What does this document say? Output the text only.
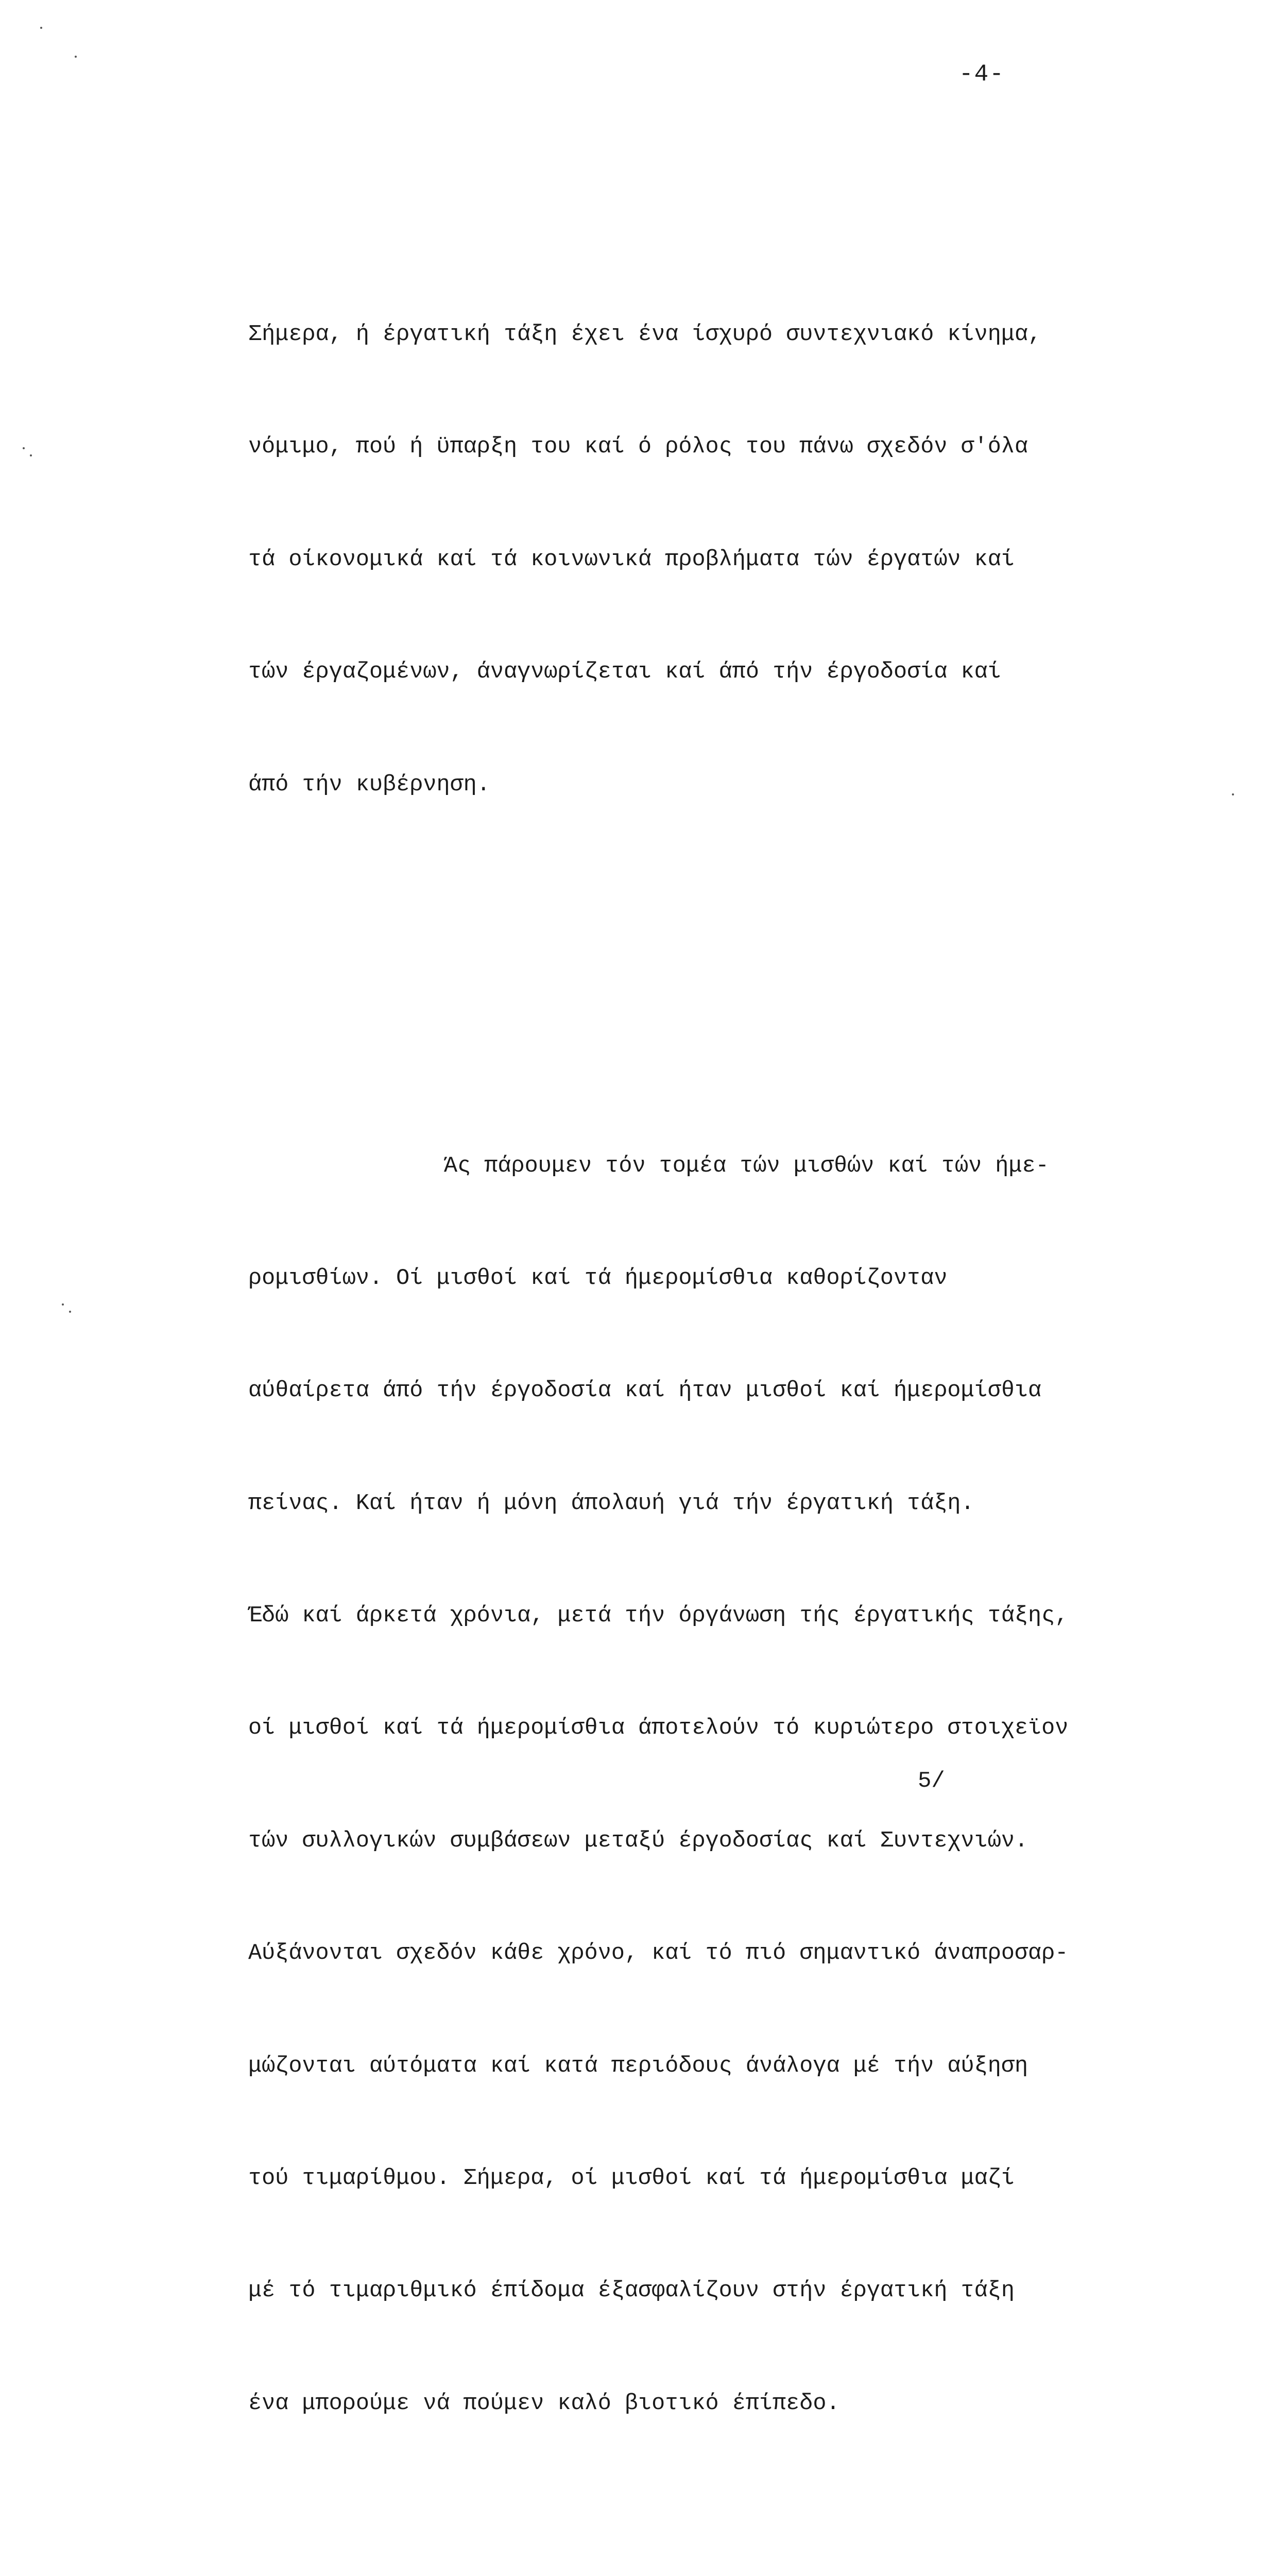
-4-

Σήμερα, ή έργατική τάξη έχει ένα ίσχυρό συντεχνιακό κίνημα,

νόμιμο, πού ή ϋπαρξη του καί ό ρόλος του πάνω σχεδόν σ'όλα

τά οίκονομικά καί τά κοινωνικά προβλήματα τών έργατών καί

τών έργαζομένων, άναγνωρίζεται καί άπό τήν έργοδοσία καί

άπό τήν κυβέρνηση.

Άς πάρουμεν τόν τομέα τών μισθών καί τών ήμε-

ρομισθίων. Οί μισθοί καί τά ήμερομίσθια καθορίζονταν

αύθαίρετα άπό τήν έργοδοσία καί ήταν μισθοί καί ήμερομίσθια

πείνας. Καί ήταν ή μόνη άπολαυή γιά τήν έργατική τάξη.

Έδώ καί άρκετά χρόνια, μετά τήν όργάνωση τής έργατικής τάξης,

οί μισθοί καί τά ήμερομίσθια άποτελούν τό κυριώτερο στοιχεϊον

τών συλλογικών συμβάσεων μεταξύ έργοδοσίας καί Συντεχνιών.

Αύξάνονται σχεδόν κάθε χρόνο, καί τό πιό σημαντικό άναπροσαρ-

μώζονται αύτόματα καί κατά περιόδους άνάλογα μέ τήν αύξηση

τού τιμαρίθμου. Σήμερα, οί μισθοί καί τά ήμερομίσθια μαζί

μέ τό τιμαριθμικό έπίδομα έξασφαλίζουν στήν έργατική τάξη

ένα μπορούμε νά πούμεν καλό βιοτικό έπίπεδο.

5/
